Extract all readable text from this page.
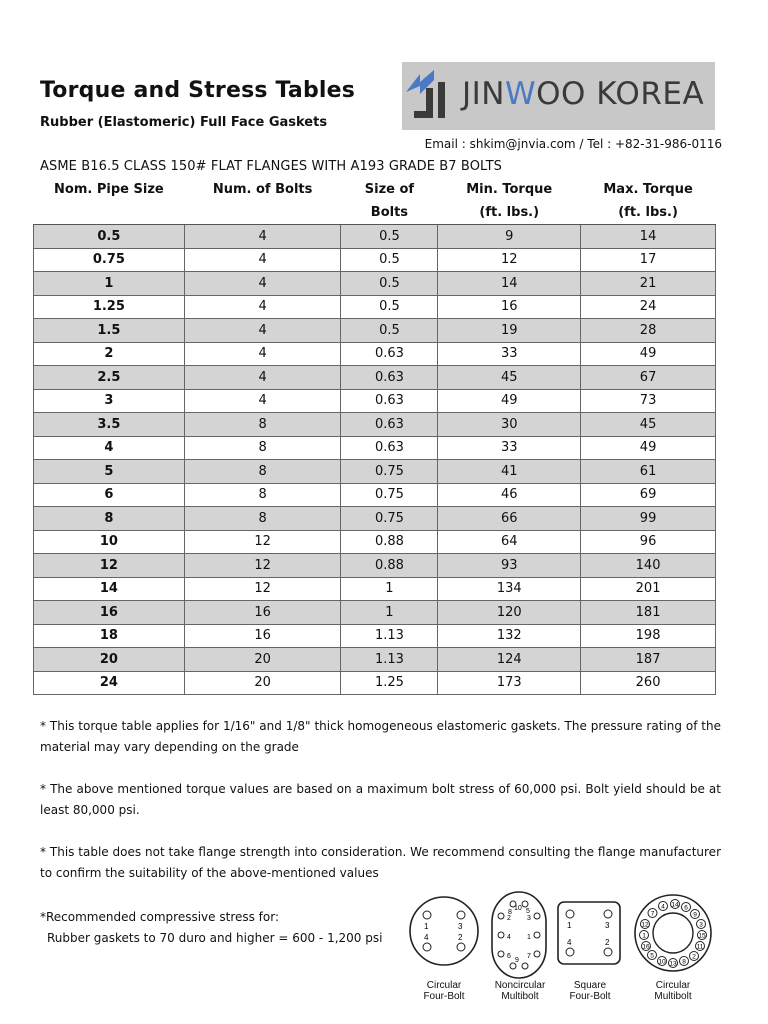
Torque and Stress Tables
Rubber (Elastomeric) Full Face Gaskets
JINWOO KOREA
Email : shkim@jnvia.com / Tel : +82-31-986-0116
ASME B16.5 CLASS 150# FLAT FLANGES WITH A193 GRADE B7 BOLTS
Nom. Pipe Size	Num. of Bolts	Size of	Min. Torque	Max. Torque
		Bolts	(ft. lbs.)	(ft. lbs.)
0.5	4	0.5	9	14
0.75	4	0.5	12	17
1	4	0.5	14	21
1.25	4	0.5	16	24
1.5	4	0.5	19	28
2	4	0.63	33	49
2.5	4	0.63	45	67
3	4	0.63	49	73
3.5	8	0.63	30	45
4	8	0.63	33	49
5	8	0.75	41	61
6	8	0.75	46	69
8	8	0.75	66	99
10	12	0.88	64	96
12	12	0.88	93	140
14	12	1	134	201
16	16	1	120	181
18	16	1.13	132	198
20	20	1.13	124	187
24	20	1.25	173	260

* This torque table applies for 1/16" and 1/8" thick homogeneous elastomeric gaskets. The pressure rating of the material may vary depending on the grade

* The above mentioned torque values are based on a maximum bolt stress of 60,000 psi. Bolt yield should be at least 80,000 psi.

* This table does not take flange strength into consideration. We recommend consulting the flange manufacturer to confirm the suitability of the above-mentioned values

*Recommended compressive stress for:
Rubber gaskets to 70 duro and higher = 600 - 1,200 psi
1	3
4	2
8
10 5
2 3
4 1
6
9
7
1	3
4	2
7
4 14 6
9
3
12
15
1
11
16
2
5
10 13 8
Circular
Four-Bolt
Noncircular
Multibolt
Square
Four-Bolt
Circular
Multibolt
